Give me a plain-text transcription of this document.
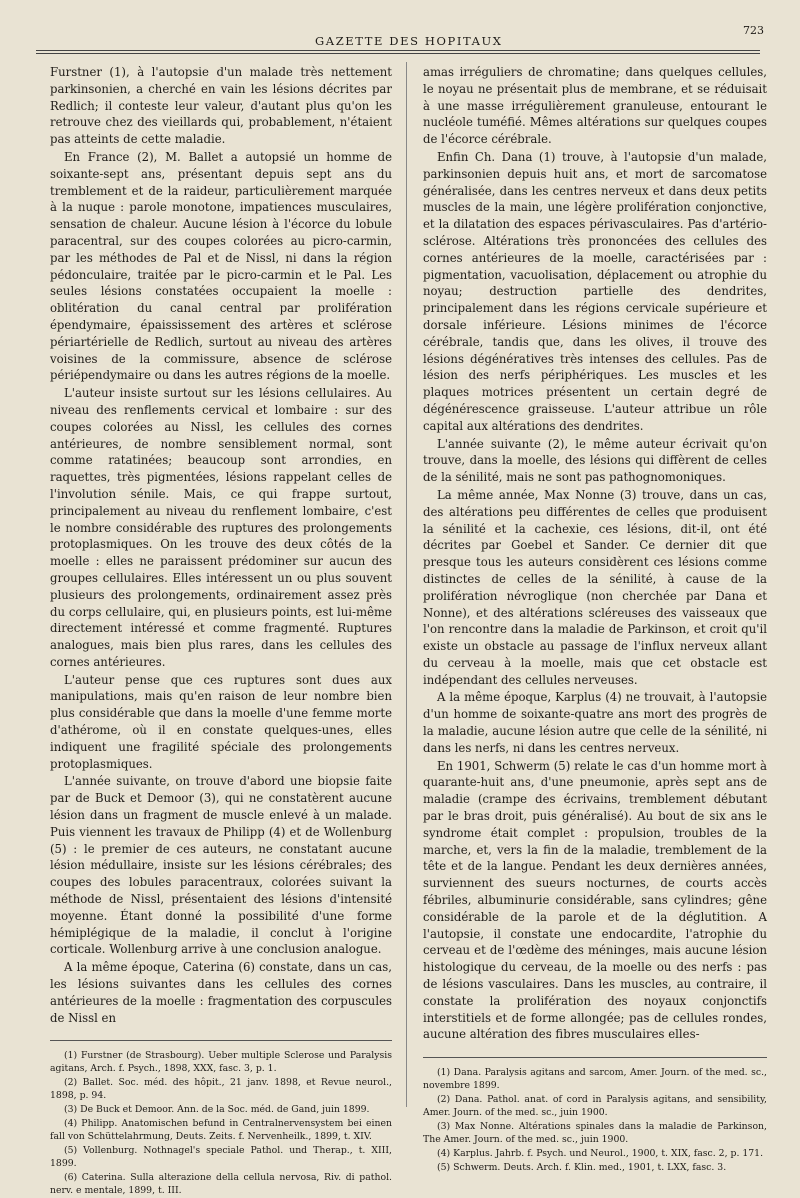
GAZETTE DES HOPITAUX
723

Furstner (1), à l'autopsie d'un malade très nettement parkinsonien, a cherché en vain les lésions décrites par Redlich; il conteste leur valeur, d'autant plus qu'on les retrouve chez des vieillards qui, probablement, n'étaient pas atteints de cette maladie.

En France (2), M. Ballet a autopsié un homme de soixante-sept ans, présentant depuis sept ans du tremblement et de la raideur, particulièrement marquée à la nuque : parole monotone, impatiences musculaires, sensation de chaleur. Aucune lésion à l'écorce du lobule paracentral, sur des coupes colorées au picro-carmin, par les méthodes de Pal et de Nissl, ni dans la région pédonculaire, traitée par le picro-carmin et le Pal. Les seules lésions constatées occupaient la moelle : oblitération du canal central par prolifération épendymaire, épaississement des artères et sclérose périartérielle de Redlich, surtout au niveau des artères voisines de la commissure, absence de sclérose périépendymaire ou dans les autres régions de la moelle.

L'auteur insiste surtout sur les lésions cellulaires. Au niveau des renflements cervical et lombaire : sur des coupes colorées au Nissl, les cellules des cornes antérieures, de nombre sensiblement normal, sont comme ratatinées; beaucoup sont arrondies, en raquettes, très pigmentées, lésions rappelant celles de l'involution sénile. Mais, ce qui frappe surtout, principalement au niveau du renflement lombaire, c'est le nombre considérable des ruptures des prolongements protoplasmiques. On les trouve des deux côtés de la moelle : elles ne paraissent prédominer sur aucun des groupes cellulaires. Elles intéressent un ou plus souvent plusieurs des prolongements, ordinairement assez près du corps cellulaire, qui, en plusieurs points, est lui-même directement intéressé et comme fragmenté. Ruptures analogues, mais bien plus rares, dans les cellules des cornes antérieures.

L'auteur pense que ces ruptures sont dues aux manipulations, mais qu'en raison de leur nombre bien plus considérable que dans la moelle d'une femme morte d'athérome, où il en constate quelques-unes, elles indiquent une fragilité spéciale des prolongements protoplasmiques.

L'année suivante, on trouve d'abord une biopsie faite par de Buck et Demoor (3), qui ne constatèrent aucune lésion dans un fragment de muscle enlevé à un malade. Puis viennent les travaux de Philipp (4) et de Wollenburg (5) : le premier de ces auteurs, ne constatant aucune lésion médullaire, insiste sur les lésions cérébrales; des coupes des lobules paracentraux, colorées suivant la méthode de Nissl, présentaient des lésions d'intensité moyenne. Étant donné la possibilité d'une forme hémiplégique de la maladie, il conclut à l'origine corticale. Wollenburg arrive à une conclusion analogue.

A la même époque, Caterina (6) constate, dans un cas, les lésions suivantes dans les cellules des cornes antérieures de la moelle : fragmentation des corpuscules de Nissl en

(1) Furstner (de Strasbourg). Ueber multiple Sclerose und Paralysis agitans, Arch. f. Psych., 1898, XXX, fasc. 3, p. 1.

(2) Ballet. Soc. méd. des hôpit., 21 janv. 1898, et Revue neurol., 1898, p. 94.

(3) De Buck et Demoor. Ann. de la Soc. méd. de Gand, juin 1899.

(4) Philipp. Anatomischen befund in Centralnervensystem bei einen fall von Schüttelahrmung, Deuts. Zeits. f. Nervenheilk., 1899, t. XIV.

(5) Vollenburg. Nothnagel's speciale Pathol. und Therap., t. XIII, 1899.

(6) Caterina. Sulla alterazione della cellula nervosa, Riv. di pathol. nerv. e mentale, 1899, t. III.

amas irréguliers de chromatine; dans quelques cellules, le noyau ne présentait plus de membrane, et se réduisait à une masse irrégulièrement granuleuse, entourant le nucléole tuméfié. Mêmes altérations sur quelques coupes de l'écorce cérébrale.

Enfin Ch. Dana (1) trouve, à l'autopsie d'un malade, parkinsonien depuis huit ans, et mort de sarcomatose généralisée, dans les centres nerveux et dans deux petits muscles de la main, une légère prolifération conjonctive, et la dilatation des espaces périvasculaires. Pas d'artério-sclérose. Altérations très prononcées des cellules des cornes antérieures de la moelle, caractérisées par : pigmentation, vacuolisation, déplacement ou atrophie du noyau; destruction partielle des dendrites, principalement dans les régions cervicale supérieure et dorsale inférieure. Lésions minimes de l'écorce cérébrale, tandis que, dans les olives, il trouve des lésions dégénératives très intenses des cellules. Pas de lésion des nerfs périphériques. Les muscles et les plaques motrices présentent un certain degré de dégénérescence graisseuse. L'auteur attribue un rôle capital aux altérations des dendrites.

L'année suivante (2), le même auteur écrivait qu'on trouve, dans la moelle, des lésions qui diffèrent de celles de la sénilité, mais ne sont pas pathognomoniques.

La même année, Max Nonne (3) trouve, dans un cas, des altérations peu différentes de celles que produisent la sénilité et la cachexie, ces lésions, dit-il, ont été décrites par Goebel et Sander. Ce dernier dit que presque tous les auteurs considèrent ces lésions comme distinctes de celles de la sénilité, à cause de la prolifération névroglique (non cherchée par Dana et Nonne), et des altérations scléreuses des vaisseaux que l'on rencontre dans la maladie de Parkinson, et croit qu'il existe un obstacle au passage de l'influx nerveux allant du cerveau à la moelle, mais que cet obstacle est indépendant des cellules nerveuses.

A la même époque, Karplus (4) ne trouvait, à l'autopsie d'un homme de soixante-quatre ans mort des progrès de la maladie, aucune lésion autre que celle de la sénilité, ni dans les nerfs, ni dans les centres nerveux.

En 1901, Schwerm (5) relate le cas d'un homme mort à quarante-huit ans, d'une pneumonie, après sept ans de maladie (crampe des écrivains, tremblement débutant par le bras droit, puis généralisé). Au bout de six ans le syndrome était complet : propulsion, troubles de la marche, et, vers la fin de la maladie, tremblement de la tête et de la langue. Pendant les deux dernières années, surviennent des sueurs nocturnes, de courts accès fébriles, albuminurie considérable, sans cylindres; gêne considérable de la parole et de la déglutition. A l'autopsie, il constate une endocardite, l'atrophie du cerveau et de l'œdème des méninges, mais aucune lésion histologique du cerveau, de la moelle ou des nerfs : pas de lésions vasculaires. Dans les muscles, au contraire, il constate la prolifération des noyaux conjonctifs interstitiels et de forme allongée; pas de cellules rondes, aucune altération des fibres musculaires elles-

(1) Dana. Paralysis agitans and sarcom, Amer. Journ. of the med. sc., novembre 1899.

(2) Dana. Pathol. anat. of cord in Paralysis agitans, and sensibility, Amer. Journ. of the med. sc., juin 1900.

(3) Max Nonne. Altérations spinales dans la maladie de Parkinson, The Amer. Journ. of the med. sc., juin 1900.

(4) Karplus. Jahrb. f. Psych. und Neurol., 1900, t. XIX, fasc. 2, p. 171.

(5) Schwerm. Deuts. Arch. f. Klin. med., 1901, t. LXX, fasc. 3.
